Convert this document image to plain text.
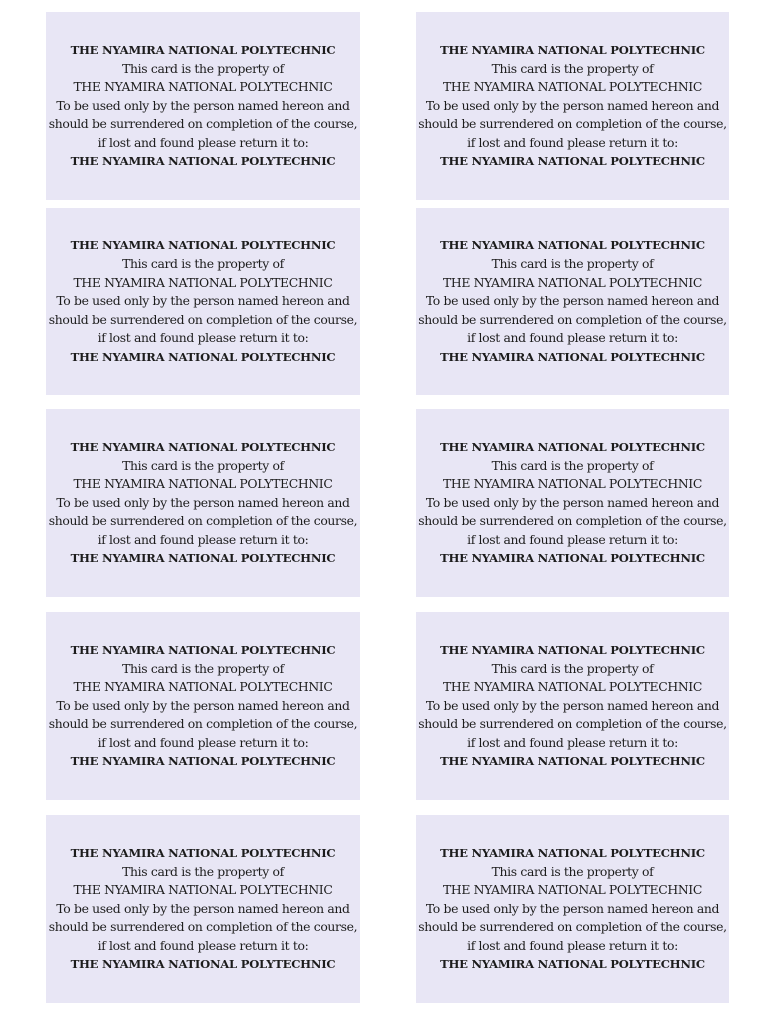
THE NYAMIRA NATIONAL POLYTECHNIC
This card is the property of
THE NYAMIRA NATIONAL POLYTECHNIC
To be used only by the person named hereon and
should be surrendered on completion of the course,
if lost and found please return it to:
THE NYAMIRA NATIONAL POLYTECHNIC
THE NYAMIRA NATIONAL POLYTECHNIC
This card is the property of
THE NYAMIRA NATIONAL POLYTECHNIC
To be used only by the person named hereon and
should be surrendered on completion of the course,
if lost and found please return it to:
THE NYAMIRA NATIONAL POLYTECHNIC
THE NYAMIRA NATIONAL POLYTECHNIC
This card is the property of
THE NYAMIRA NATIONAL POLYTECHNIC
To be used only by the person named hereon and
should be surrendered on completion of the course,
if lost and found please return it to:
THE NYAMIRA NATIONAL POLYTECHNIC
THE NYAMIRA NATIONAL POLYTECHNIC
This card is the property of
THE NYAMIRA NATIONAL POLYTECHNIC
To be used only by the person named hereon and
should be surrendered on completion of the course,
if lost and found please return it to:
THE NYAMIRA NATIONAL POLYTECHNIC
THE NYAMIRA NATIONAL POLYTECHNIC
This card is the property of
THE NYAMIRA NATIONAL POLYTECHNIC
To be used only by the person named hereon and
should be surrendered on completion of the course,
if lost and found please return it to:
THE NYAMIRA NATIONAL POLYTECHNIC
THE NYAMIRA NATIONAL POLYTECHNIC
This card is the property of
THE NYAMIRA NATIONAL POLYTECHNIC
To be used only by the person named hereon and
should be surrendered on completion of the course,
if lost and found please return it to:
THE NYAMIRA NATIONAL POLYTECHNIC
THE NYAMIRA NATIONAL POLYTECHNIC
This card is the property of
THE NYAMIRA NATIONAL POLYTECHNIC
To be used only by the person named hereon and
should be surrendered on completion of the course,
if lost and found please return it to:
THE NYAMIRA NATIONAL POLYTECHNIC
THE NYAMIRA NATIONAL POLYTECHNIC
This card is the property of
THE NYAMIRA NATIONAL POLYTECHNIC
To be used only by the person named hereon and
should be surrendered on completion of the course,
if lost and found please return it to:
THE NYAMIRA NATIONAL POLYTECHNIC
THE NYAMIRA NATIONAL POLYTECHNIC
This card is the property of
THE NYAMIRA NATIONAL POLYTECHNIC
To be used only by the person named hereon and
should be surrendered on completion of the course,
if lost and found please return it to:
THE NYAMIRA NATIONAL POLYTECHNIC
THE NYAMIRA NATIONAL POLYTECHNIC
This card is the property of
THE NYAMIRA NATIONAL POLYTECHNIC
To be used only by the person named hereon and
should be surrendered on completion of the course,
if lost and found please return it to:
THE NYAMIRA NATIONAL POLYTECHNIC
